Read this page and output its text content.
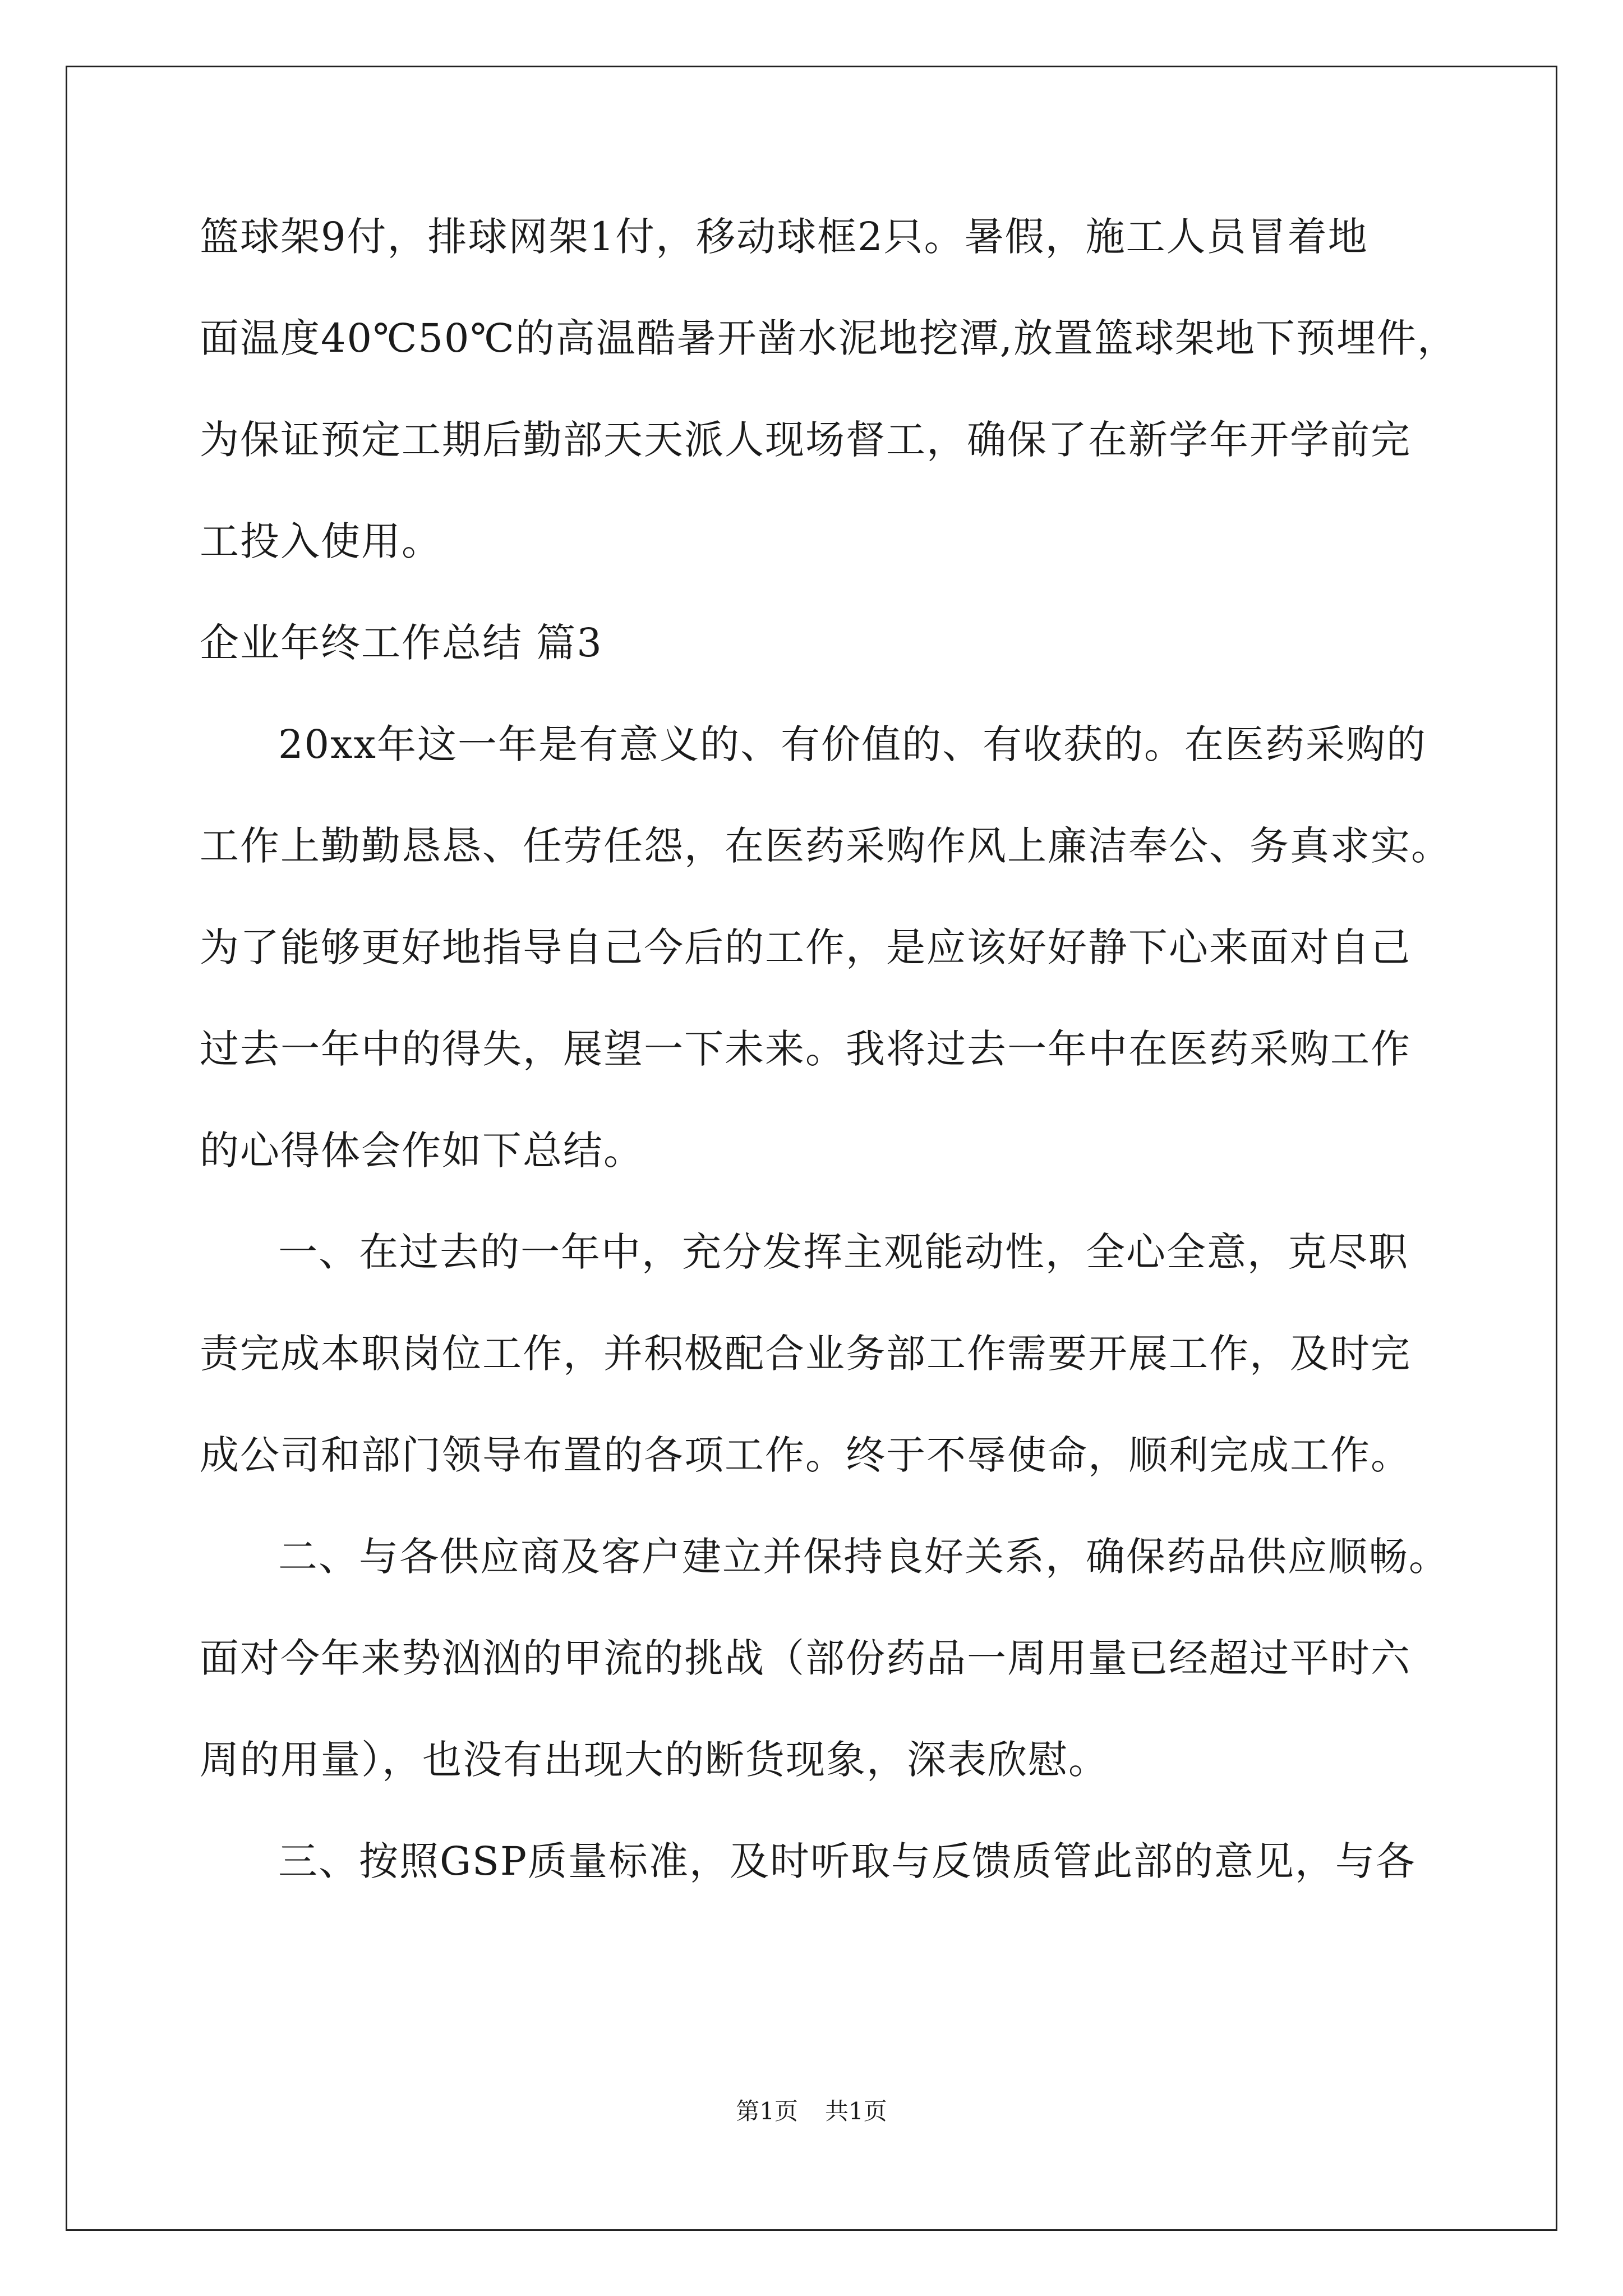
篮球架9付，排球网架1付，移动球框2只。暑假，施工人员冒着地
面温度40℃50℃的高温酷暑开凿水泥地挖潭,放置篮球架地下预埋件，
为保证预定工期后勤部天天派人现场督工，确保了在新学年开学前完
工投入使用。
企业年终工作总结 篇3
20xx年这一年是有意义的、有价值的、有收获的。在医药采购的
工作上勤勤恳恳、任劳任怨，在医药采购作风上廉洁奉公、务真求实。
为了能够更好地指导自己今后的工作，是应该好好静下心来面对自己
过去一年中的得失，展望一下未来。我将过去一年中在医药采购工作
的心得体会作如下总结。
一、在过去的一年中，充分发挥主观能动性，全心全意，克尽职
责完成本职岗位工作，并积极配合业务部工作需要开展工作，及时完
成公司和部门领导布置的各项工作。终于不辱使命，顺利完成工作。
二、与各供应商及客户建立并保持良好关系，确保药品供应顺畅。
面对今年来势汹汹的甲流的挑战（部份药品一周用量已经超过平时六
周的用量），也没有出现大的断货现象，深表欣慰。
三、按照GSP质量标准，及时听取与反馈质管此部的意见，与各
第1页 共1页
